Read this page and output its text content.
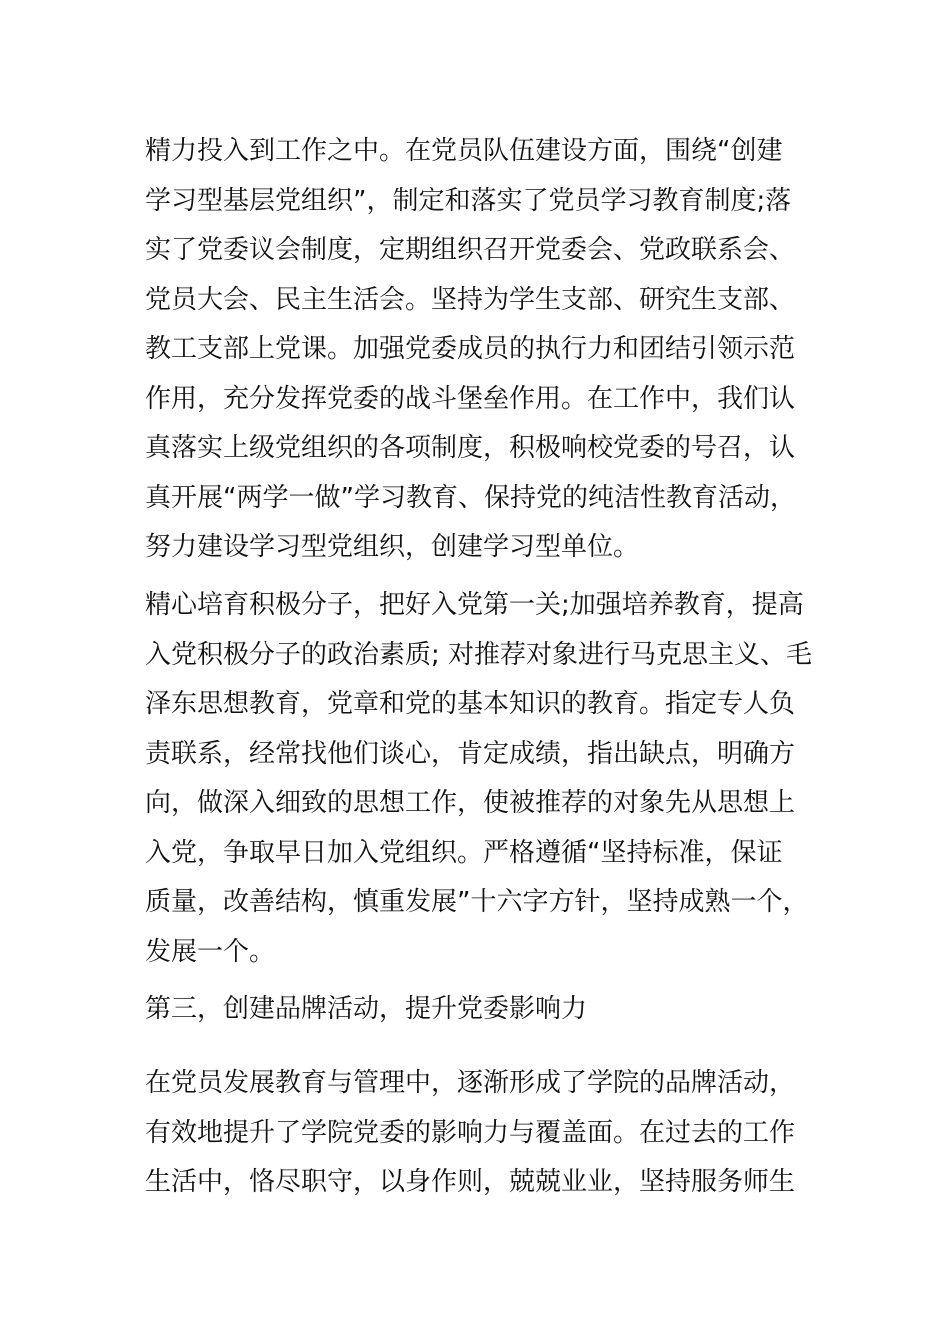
精力投入到工作之中。在党员队伍建设方面，围绕“创建
学习型基层党组织”，制定和落实了党员学习教育制度;落
实了党委议会制度，定期组织召开党委会、党政联系会、
党员大会、民主生活会。坚持为学生支部、研究生支部、
教工支部上党课。加强党委成员的执行力和团结引领示范
作用，充分发挥党委的战斗堡垒作用。在工作中，我们认
真落实上级党组织的各项制度，积极响校党委的号召，认
真开展“两学一做”学习教育、保持党的纯洁性教育活动，
努力建设学习型党组织，创建学习型单位。
精心培育积极分子，把好入党第一关;加强培养教育，提高
入党积极分子的政治素质; 对推荐对象进行马克思主义、毛
泽东思想教育，党章和党的基本知识的教育。指定专人负
责联系，经常找他们谈心，肯定成绩，指出缺点，明确方
向，做深入细致的思想工作，使被推荐的对象先从思想上
入党，争取早日加入党组织。严格遵循“坚持标准，保证
质量，改善结构，慎重发展”十六字方针，坚持成熟一个，
发展一个。
第三，创建品牌活动，提升党委影响力
在党员发展教育与管理中，逐渐形成了学院的品牌活动，
有效地提升了学院党委的影响力与覆盖面。在过去的工作
生活中，恪尽职守，以身作则，兢兢业业，坚持服务师生
